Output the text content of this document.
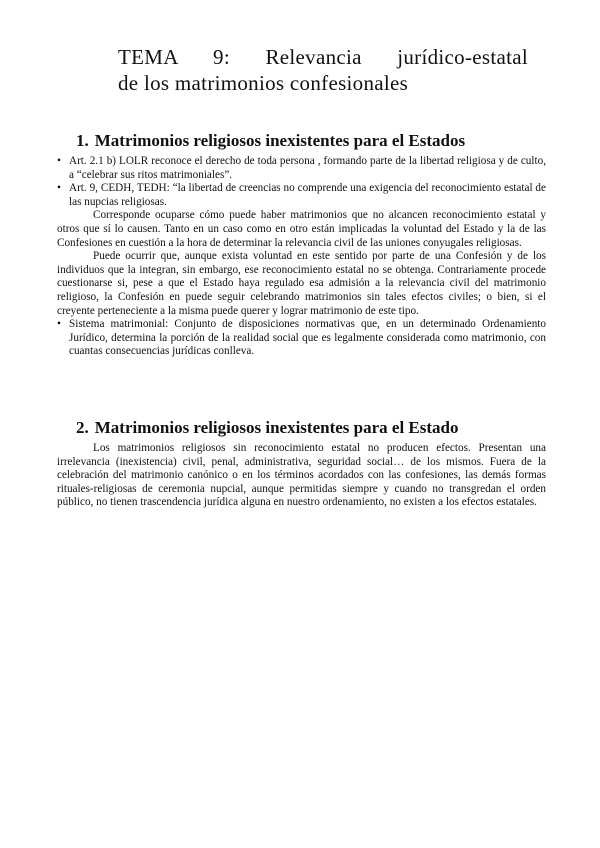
TEMA 9: Relevancia jurídico-estatal
de los matrimonios confesionales
1. Matrimonios religiosos inexistentes para el Estados

• Art. 2.1 b) LOLR reconoce el derecho de toda persona , formando parte de la libertad religiosa y de culto, a “celebrar sus ritos matrimoniales”.

• Art. 9, CEDH, TEDH: “la libertad de creencias no comprende una exigencia del reconocimiento estatal de las nupcias religiosas.

Corresponde ocuparse cómo puede haber matrimonios que no alcancen reconocimiento estatal y otros que sí lo causen. Tanto en un caso como en otro están implicadas la voluntad del Estado y la de las Confesiones en cuestión a la hora de determinar la relevancia civil de las uniones conyugales religiosas.

Puede ocurrir que, aunque exista voluntad en este sentido por parte de una Confesión y de los individuos que la integran, sin embargo, ese reconocimiento estatal no se obtenga. Contrariamente procede cuestionarse si, pese a que el Estado haya regulado esa admisión a la relevancia civil del matrimonio religioso, la Confesión en puede seguir celebrando matrimonios sin tales efectos civiles; o bien, si el creyente perteneciente a la misma puede querer y lograr matrimonio de este tipo.

• Sistema matrimonial: Conjunto de disposiciones normativas que, en un determinado Ordenamiento Jurídico, determina la porción de la realidad social que es legalmente considerada como matrimonio, con cuantas consecuencias jurídicas conlleva.

2. Matrimonios religiosos inexistentes para el Estado

Los matrimonios religiosos sin reconocimiento estatal no producen efectos. Presentan una irrelevancia (inexistencia) civil, penal, administrativa, seguridad social… de los mismos. Fuera de la celebración del matrimonio canónico o en los términos acordados con las confesiones, las demás formas rituales-religiosas de ceremonia nupcial, aunque permitidas siempre y cuando no transgredan el orden público, no tienen trascendencia jurídica alguna en nuestro ordenamiento, no existen a los efectos estatales.
